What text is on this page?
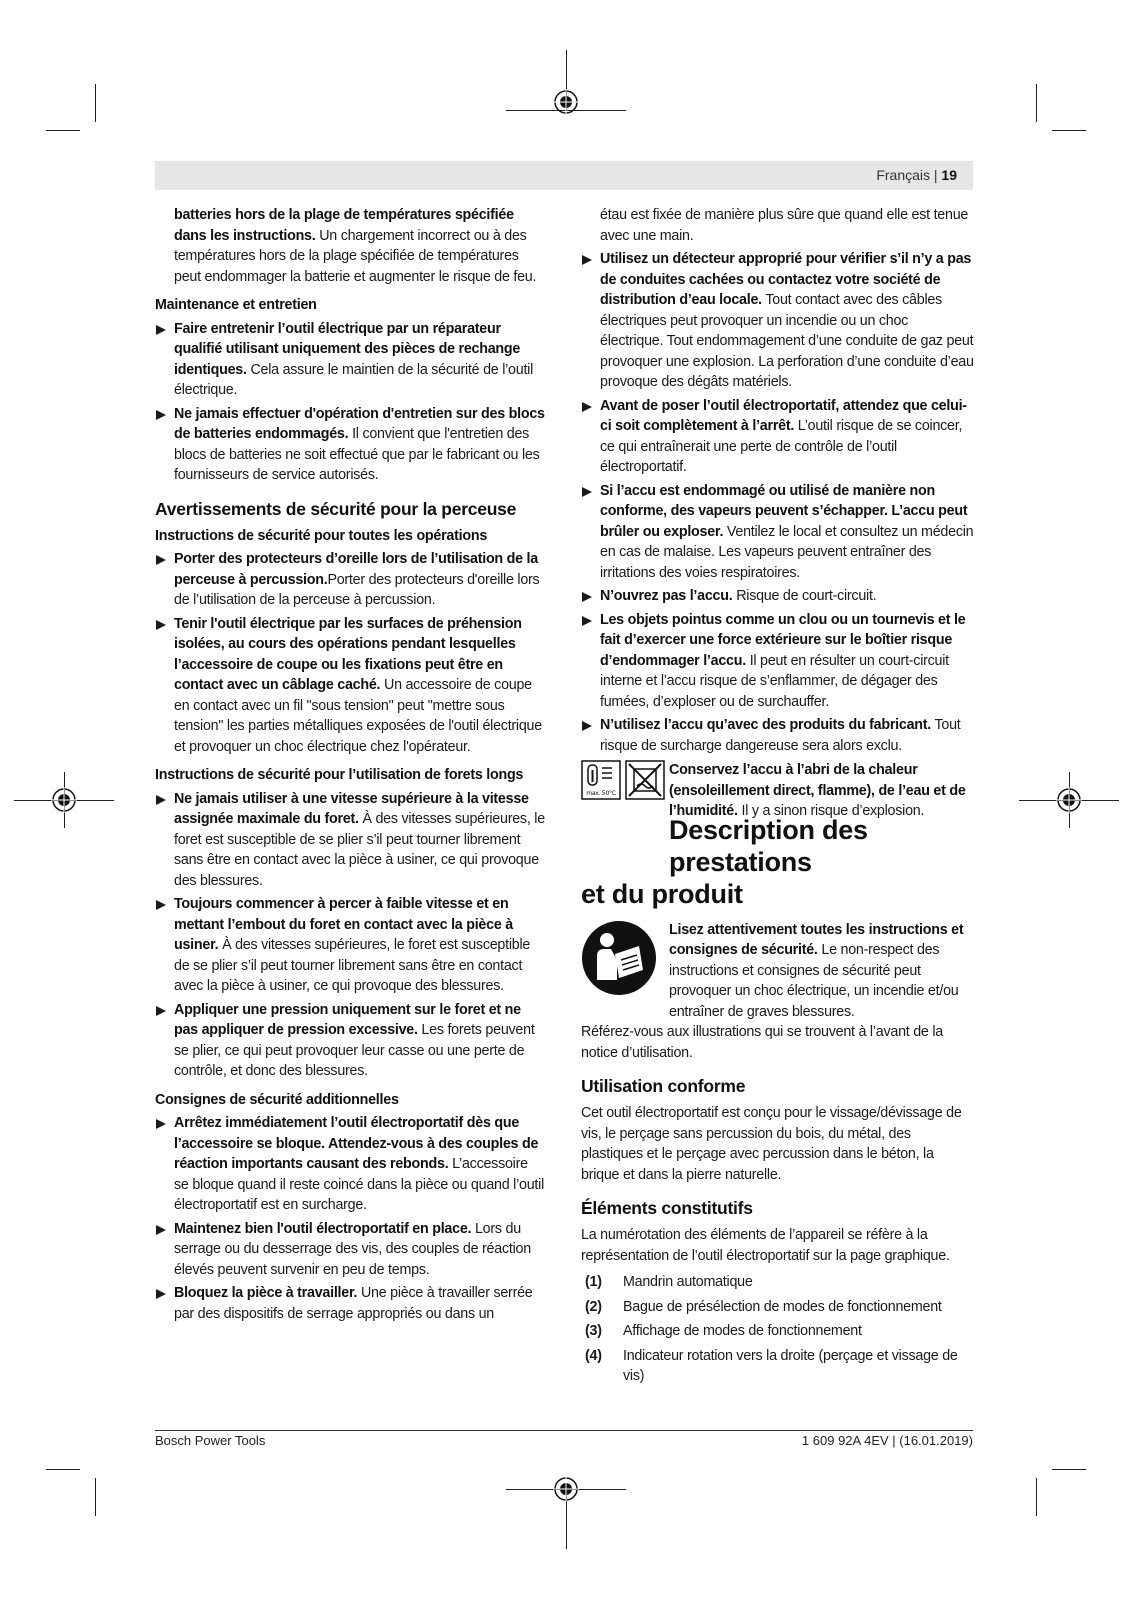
Français | 19

batteries hors de la plage de températures spécifiée dans les instructions. Un chargement incorrect ou à des températures hors de la plage spécifiée de températures peut endommager la batterie et augmenter le risque de feu.

Maintenance et entretien

Faire entretenir l’outil électrique par un réparateur qualifié utilisant uniquement des pièces de rechange identiques. Cela assure le maintien de la sécurité de l’outil électrique.
Ne jamais effectuer d'opération d'entretien sur des blocs de batteries endommagés. Il convient que l'entretien des blocs de batteries ne soit effectué que par le fabricant ou les fournisseurs de service autorisés.

Avertissements de sécurité pour la perceuse

Instructions de sécurité pour toutes les opérations

Porter des protecteurs d’oreille lors de l’utilisation de la perceuse à percussion.Porter des protecteurs d'oreille lors de l’utilisation de la perceuse à percussion.
Tenir l'outil électrique par les surfaces de préhension isolées, au cours des opérations pendant lesquelles l’accessoire de coupe ou les fixations peut être en contact avec un câblage caché. Un accessoire de coupe en contact avec un fil "sous tension" peut "mettre sous tension" les parties métalliques exposées de l'outil électrique et provoquer un choc électrique chez l'opérateur.

Instructions de sécurité pour l’utilisation de forets longs

Ne jamais utiliser à une vitesse supérieure à la vitesse assignée maximale du foret. À des vitesses supérieures, le foret est susceptible de se plier s’il peut tourner librement sans être en contact avec la pièce à usiner, ce qui provoque des blessures.
Toujours commencer à percer à faible vitesse et en mettant l’embout du foret en contact avec la pièce à usiner. À des vitesses supérieures, le foret est susceptible de se plier s’il peut tourner librement sans être en contact avec la pièce à usiner, ce qui provoque des blessures.
Appliquer une pression uniquement sur le foret et ne pas appliquer de pression excessive. Les forets peuvent se plier, ce qui peut provoquer leur casse ou une perte de contrôle, et donc des blessures.

Consignes de sécurité additionnelles

Arrêtez immédiatement l’outil électroportatif dès que l’accessoire se bloque. Attendez-vous à des couples de réaction importants causant des rebonds. L’accessoire se bloque quand il reste coincé dans la pièce ou quand l’outil électroportatif est en surcharge.
Maintenez bien l'outil électroportatif en place. Lors du serrage ou du desserrage des vis, des couples de réaction élevés peuvent survenir en peu de temps.
Bloquez la pièce à travailler. Une pièce à travailler serrée par des dispositifs de serrage appropriés ou dans un

étau est fixée de manière plus sûre que quand elle est tenue avec une main.

Utilisez un détecteur approprié pour vérifier s’il n’y a pas de conduites cachées ou contactez votre société de distribution d’eau locale. Tout contact avec des câbles électriques peut provoquer un incendie ou un choc électrique. Tout endommagement d’une conduite de gaz peut provoquer une explosion. La perforation d’une conduite d’eau provoque des dégâts matériels.
Avant de poser l’outil électroportatif, attendez que celui-ci soit complètement à l’arrêt. L’outil risque de se coincer, ce qui entraînerait une perte de contrôle de l’outil électroportatif.
Si l’accu est endommagé ou utilisé de manière non conforme, des vapeurs peuvent s’échapper. L’accu peut brûler ou exploser. Ventilez le local et consultez un médecin en cas de malaise. Les vapeurs peuvent entraîner des irritations des voies respiratoires.
N’ouvrez pas l’accu. Risque de court-circuit.
Les objets pointus comme un clou ou un tournevis et le fait d’exercer une force extérieure sur le boîtier risque d’endommager l’accu. Il peut en résulter un court-circuit interne et l’accu risque de s’enflammer, de dégager des fumées, d’exploser ou de surchauffer.
N’utilisez l’accu qu’avec des produits du fabricant. Tout risque de surcharge dangereuse sera alors exclu.
max. 50°C

Conservez l’accu à l’abri de la chaleur (ensoleillement direct, flamme), de l’eau et de l’humidité. Il y a sinon risque d’explosion.

Description des prestations
et du produit

Lisez attentivement toutes les instructions et consignes de sécurité. Le non-respect des instructions et consignes de sécurité peut provoquer un choc électrique, un incendie et/ou entraîner de graves blessures.

Référez-vous aux illustrations qui se trouvent à l’avant de la notice d’utilisation.

Utilisation conforme

Cet outil électroportatif est conçu pour le vissage/dévissage de vis, le perçage sans percussion du bois, du métal, des plastiques et le perçage avec percussion dans le béton, la brique et dans la pierre naturelle.

Éléments constitutifs

La numérotation des éléments de l’appareil se réfère à la représentation de l’outil électroportatif sur la page graphique.

(1)	Mandrin automatique
(2)	Bague de présélection de modes de fonctionnement
(3)	Affichage de modes de fonctionnement
(4)	Indicateur rotation vers la droite (perçage et vissage de vis)
Bosch Power Tools	1 609 92A 4EV | (16.01.2019)
